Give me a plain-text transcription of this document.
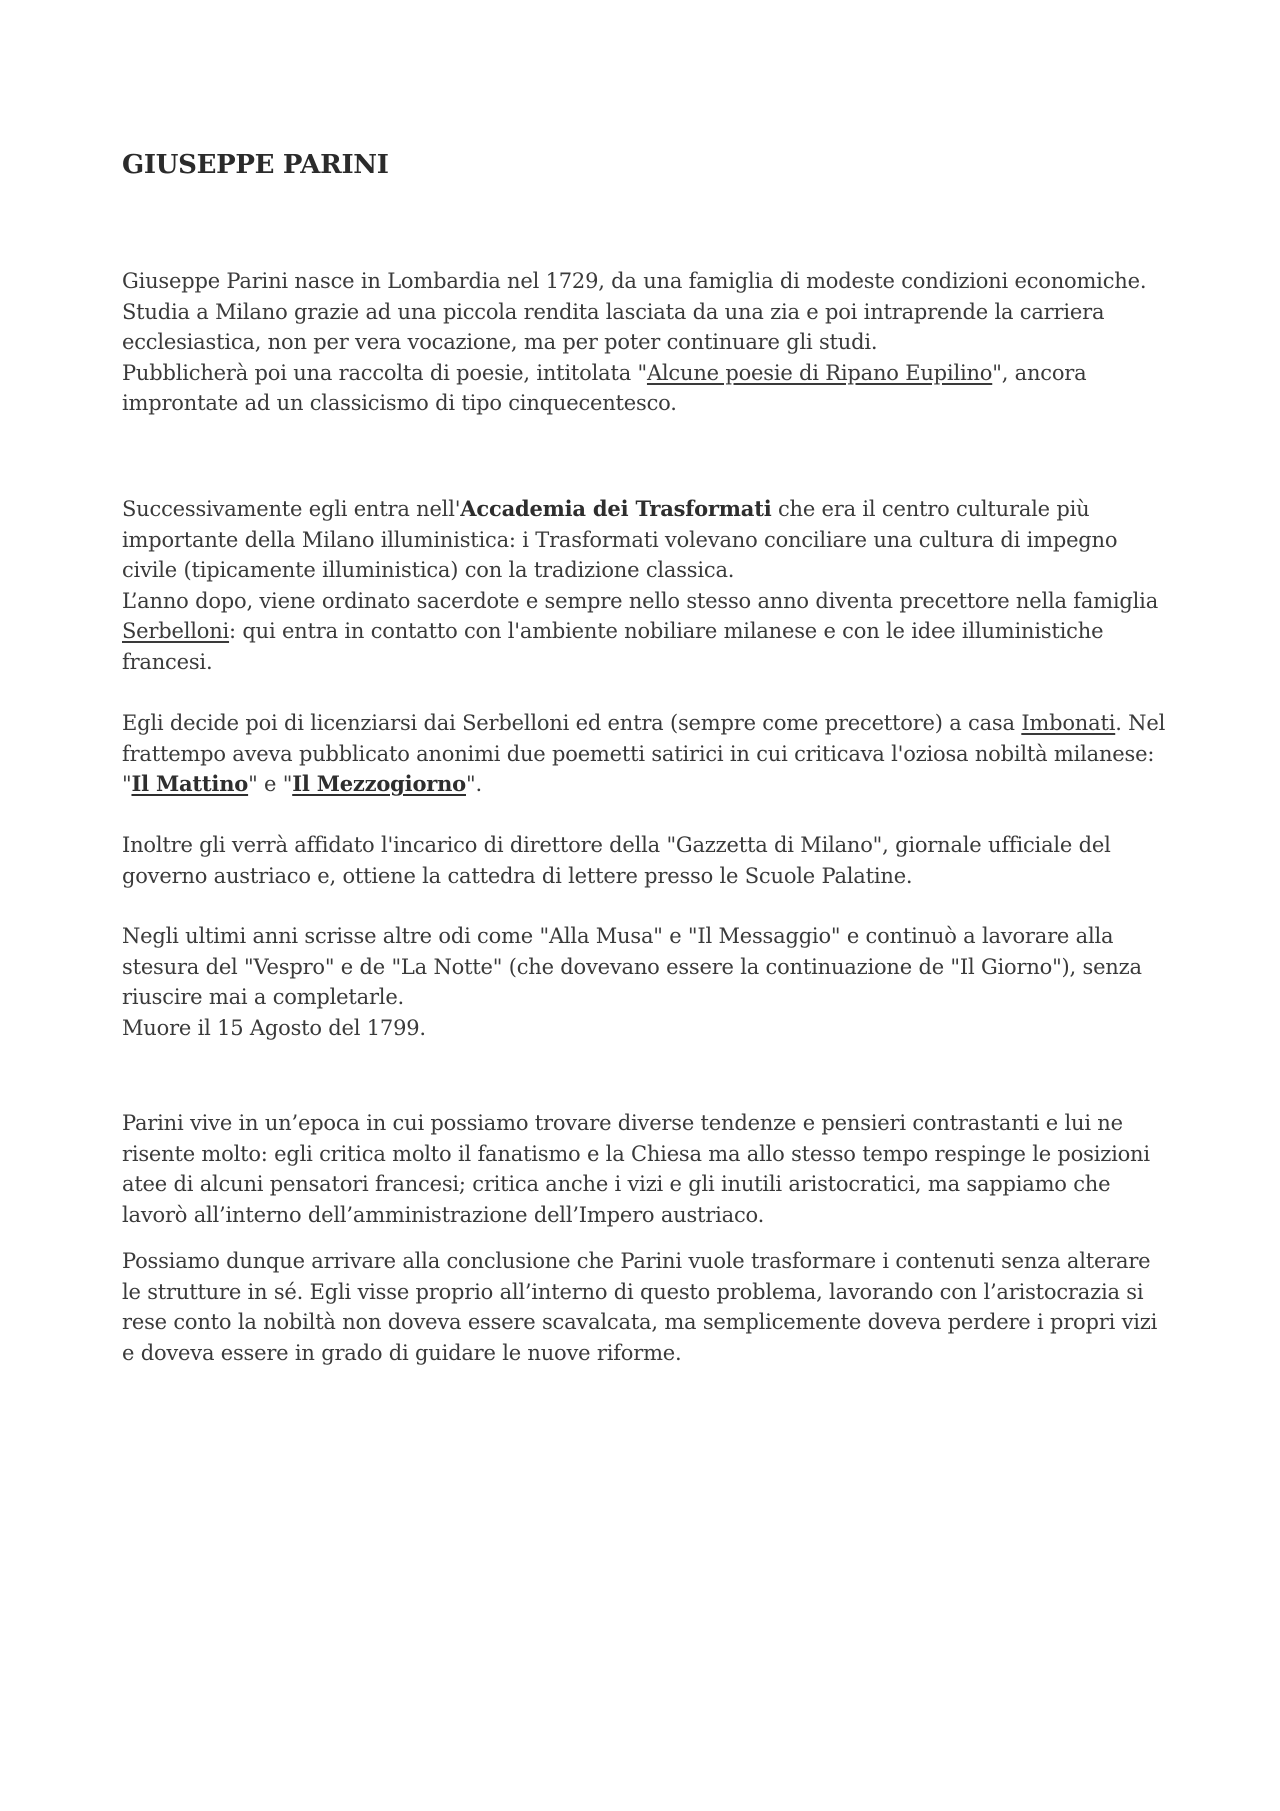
GIUSEPPE PARINI

Giuseppe Parini nasce in Lombardia nel 1729, da una famiglia di modeste condizioni economiche.

Studia a Milano grazie ad una piccola rendita lasciata da una zia e poi intraprende la carriera ecclesiastica, non per vera vocazione, ma per poter continuare gli studi.

Pubblicherà poi una raccolta di poesie, intitolata "Alcune poesie di Ripano Eupilino", ancora improntate ad un classicismo di tipo cinquecentesco.

Successivamente egli entra nell'Accademia dei Trasformati che era il centro culturale più importante della Milano illuministica: i Trasformati volevano conciliare una cultura di impegno civile (tipicamente illuministica) con la tradizione classica.

L’anno dopo, viene ordinato sacerdote e sempre nello stesso anno diventa precettore nella famiglia Serbelloni: qui entra in contatto con l'ambiente nobiliare milanese e con le idee illuministiche francesi.

Egli decide poi di licenziarsi dai Serbelloni ed entra (sempre come precettore) a casa Imbonati. Nel frattempo aveva pubblicato anonimi due poemetti satirici in cui criticava l'oziosa nobiltà milanese: "Il Mattino" e "Il Mezzogiorno".

Inoltre gli verrà affidato l'incarico di direttore della "Gazzetta di Milano", giornale ufficiale del governo austriaco e, ottiene la cattedra di lettere presso le Scuole Palatine.

Negli ultimi anni scrisse altre odi come "Alla Musa" e "Il Messaggio" e continuò a lavorare alla stesura del "Vespro" e de "La Notte" (che dovevano essere la continuazione de "Il Giorno"), senza riuscire mai a completarle.

Muore il 15 Agosto del 1799.

Parini vive in un’epoca in cui possiamo trovare diverse tendenze e pensieri contrastanti e lui ne risente molto: egli critica molto il fanatismo e la Chiesa ma allo stesso tempo respinge le posizioni atee di alcuni pensatori francesi; critica anche i vizi e gli inutili aristocratici, ma sappiamo che lavorò all’interno dell’amministrazione dell’Impero austriaco.

Possiamo dunque arrivare alla conclusione che Parini vuole trasformare i contenuti senza alterare le strutture in sé. Egli visse proprio all’interno di questo problema, lavorando con l’aristocrazia si rese conto la nobiltà non doveva essere scavalcata, ma semplicemente doveva perdere i propri vizi e doveva essere in grado di guidare le nuove riforme.
